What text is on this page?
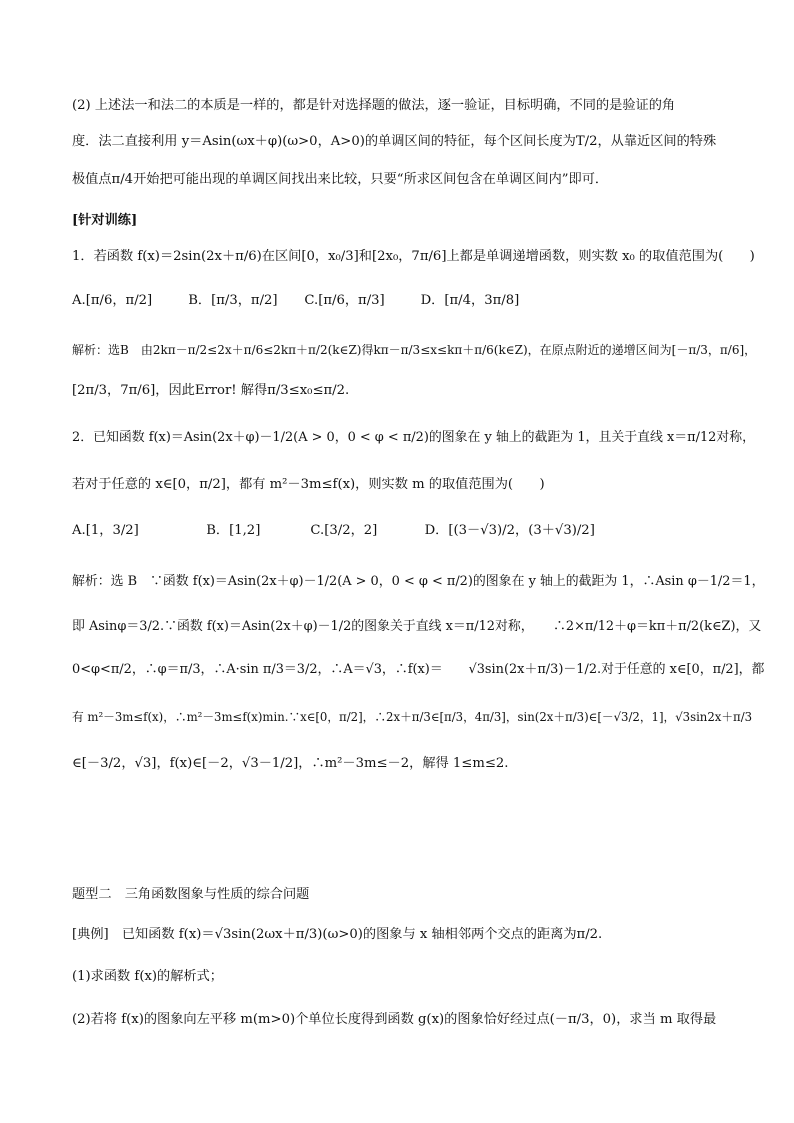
(2) 上述法一和法二的本质是一样的，都是针对选择题的做法，逐一验证，目标明确，不同的是验证的角
度．法二直接利用 y＝Asin(ωx＋φ)(ω>0，A>0)的单调区间的特征，每个区间长度为T/2，从靠近区间的特殊
极值点π/4开始把可能出现的单调区间找出来比较，只要“所求区间包含在单调区间内”即可．
[针对训练]
1．若函数 f(x)＝2sin(2x＋π/6)在区间[0，x₀/3]和[2x₀，7π/6]上都是单调递增函数，则实数 x₀ 的取值范围为(　　)
A.[π/6，π/2]	B．[π/3，π/2] C.[π/6，π/3]	D．[π/4，3π/8]
解析：选B　由2kπ－π/2≤2x＋π/6≤2kπ＋π/2(k∈Z)得kπ－π/3≤x≤kπ＋π/6(k∈Z)，在原点附近的递增区间为[－π/3，π/6]，
[2π/3，7π/6]，因此Error! 解得π/3≤x₀≤π/2.
2．已知函数 f(x)＝Asin(2x＋φ)－1/2(A > 0，0 < φ < π/2)的图象在 y 轴上的截距为 1，且关于直线 x＝π/12对称，
若对于任意的 x∈[0，π/2]，都有 m²－3m≤f(x)，则实数 m 的取值范围为(　　)
A.[1，3/2]	B．[1,2]	C.[3/2，2]	D．[(3－√3)/2，(3＋√3)/2]
解析：选 B　∵函数 f(x)＝Asin(2x＋φ)－1/2(A > 0，0 < φ < π/2)的图象在 y 轴上的截距为 1，∴Asin φ－1/2＝1，
即 Asinφ＝3/2.∵函数 f(x)＝Asin(2x＋φ)－1/2的图象关于直线 x＝π/12对称，　　∴2×π/12＋φ＝kπ＋π/2(k∈Z)，又
0<φ<π/2，∴φ＝π/3，∴A·sin π/3＝3/2，∴A＝√3，∴f(x)＝　　√3sin(2x＋π/3)－1/2.对于任意的 x∈[0，π/2]，都
有 m²－3m≤f(x)，∴m²－3m≤f(x)min.∵x∈[0，π/2]，∴2x＋π/3∈[π/3，4π/3]，sin(2x＋π/3)∈[－√3/2，1]，√3sin2x＋π/3
∈[－3/2，√3]，f(x)∈[－2，√3－1/2]，∴m²－3m≤－2，解得 1≤m≤2.
题型二　三角函数图象与性质的综合问题
[典例]　已知函数 f(x)＝√3sin(2ωx＋π/3)(ω>0)的图象与 x 轴相邻两个交点的距离为π/2.
(1)求函数 f(x)的解析式；
(2)若将 f(x)的图象向左平移 m(m>0)个单位长度得到函数 g(x)的图象恰好经过点(－π/3，0)，求当 m 取得最
